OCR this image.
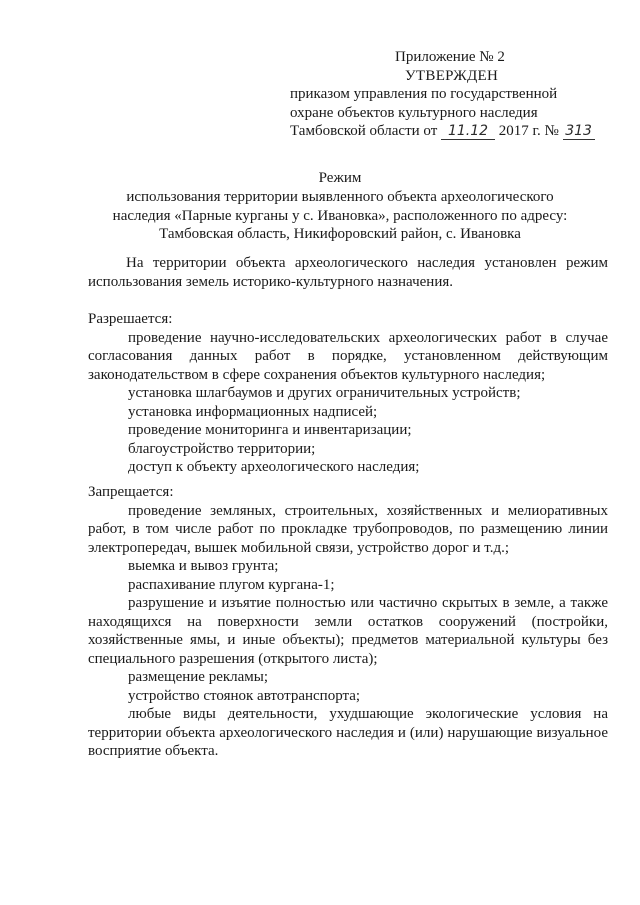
Приложение № 2
УТВЕРЖДЕН
приказом управления по государственной
охране объектов культурного наследия
Тамбовской области от 11.12 2017 г. № 313
Режим
использования территории выявленного объекта археологического
наследия «Парные курганы у с. Ивановка», расположенного по адресу:
Тамбовская область, Никифоровский район, с. Ивановка
На территории объекта археологического наследия установлен режим использования земель историко-культурного назначения.
Разрешается:
проведение научно-исследовательских археологических работ в случае согласования данных работ в порядке, установленном действующим законодательством в сфере сохранения объектов культурного наследия;
установка шлагбаумов и других ограничительных устройств;
установка информационных надписей;
проведение мониторинга и инвентаризации;
благоустройство территории;
доступ к объекту археологического наследия;
Запрещается:
проведение земляных, строительных, хозяйственных и мелиоративных работ, в том числе работ по прокладке трубопроводов, по размещению линии электропередач, вышек мобильной связи, устройство дорог и т.д.;
выемка и вывоз грунта;
распахивание плугом кургана-1;
разрушение и изъятие полностью или частично скрытых в земле, а также находящихся на поверхности земли остатков сооружений (постройки, хозяйственные ямы, и иные объекты); предметов материальной культуры без специального разрешения (открытого листа);
размещение рекламы;
устройство стоянок автотранспорта;
любые виды деятельности, ухудшающие экологические условия на территории объекта археологического наследия и (или) нарушающие визуальное восприятие объекта.
